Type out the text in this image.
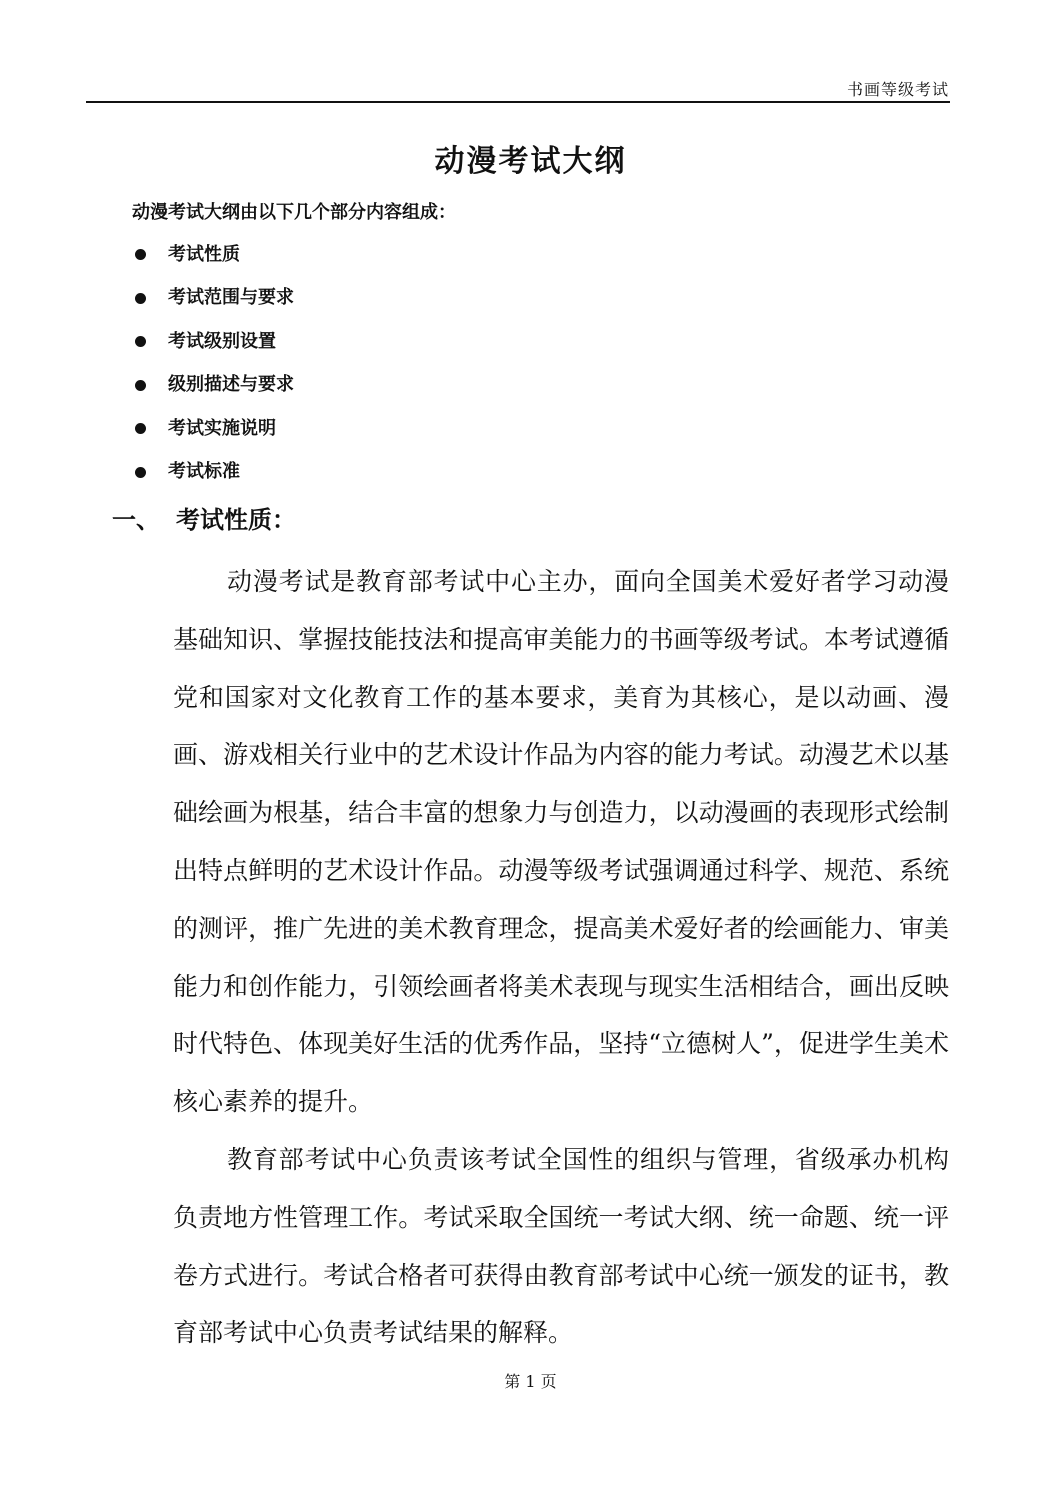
书画等级考试
动漫考试大纲
动漫考试大纲由以下几个部分内容组成：
考试性质
考试范围与要求
考试级别设置
级别描述与要求
考试实施说明
考试标准
一、 考试性质：

动漫考试是教育部考试中心主办，面向全国美术爱好者学习动漫基础知识、掌握技能技法和提高审美能力的书画等级考试。本考试遵循党和国家对文化教育工作的基本要求，美育为其核心，是以动画、漫画、游戏相关行业中的艺术设计作品为内容的能力考试。动漫艺术以基础绘画为根基，结合丰富的想象力与创造力，以动漫画的表现形式绘制出特点鲜明的艺术设计作品。动漫等级考试强调通过科学、规范、系统的测评，推广先进的美术教育理念，提高美术爱好者的绘画能力、审美能力和创作能力，引领绘画者将美术表现与现实生活相结合，画出反映时代特色、体现美好生活的优秀作品，坚持“立德树人”，促进学生美术核心素养的提升。

教育部考试中心负责该考试全国性的组织与管理，省级承办机构负责地方性管理工作。考试采取全国统一考试大纲、统一命题、统一评卷方式进行。考试合格者可获得由教育部考试中心统一颁发的证书，教育部考试中心负责考试结果的解释。

第 1 页
